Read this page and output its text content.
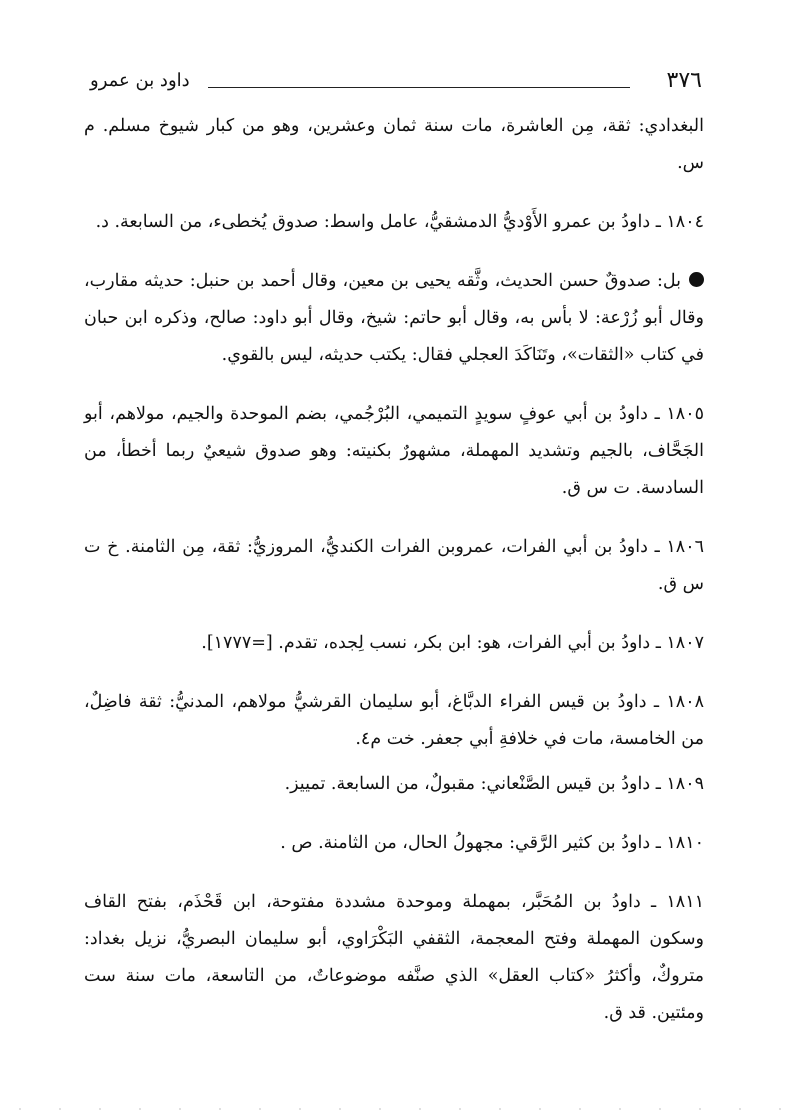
٣٧٦
داود بن عمرو

البغدادي: ثقة، مِن العاشرة، مات سنة ثمان وعشرين، وهو من كبار شيوخ مسلم. م س.

١٨٠٤ ـ داودُ بن عمرو الأَوْديُّ الدمشقيُّ، عامل واسط: صدوق يُخطىء، من السابعة. د.

بل: صدوقٌ حسن الحديث، وثَّقه يحيى بن معين، وقال أحمد بن حنبل: حديثه مقارب، وقال أبو زُرْعة: لا بأس به، وقال أبو حاتم: شيخ، وقال أبو داود: صالح، وذكره ابن حبان في كتاب «الثقات»، وتَنَاكَدَ العجلي فقال: يكتب حديثه، ليس بالقوي.

١٨٠٥ ـ داودُ بن أبي عوفٍ سويدٍ التميمي، البُرْجُمي، بضم الموحدة والجيم، مولاهم، أبو الجَحَّاف، بالجيم وتشديد المهملة، مشهورٌ بكنيته: وهو صدوق شيعيٌ ربما أخطأ، من السادسة. ت س ق.

١٨٠٦ ـ داودُ بن أبي الفرات، عمروبن الفرات الكنديُّ، المروزيُّ: ثقة، مِن الثامنة. خ ت س ق.

١٨٠٧ ـ داودُ بن أبي الفرات، هو: ابن بكر، نسب لِجده، تقدم. [=١٧٧٧].

١٨٠٨ ـ داودُ بن قيس الفراء الدبَّاغ، أبو سليمان القرشيُّ مولاهم، المدنيُّ: ثقة فاضِلٌ، من الخامسة، مات في خلافةِ أبي جعفر. خت م٤.

١٨٠٩ ـ داودُ بن قيس الصَّنْعاني: مقبولٌ، من السابعة. تمييز.

١٨١٠ ـ داودُ بن كثير الرَّقي: مجهولُ الحال، من الثامنة. ص .

١٨١١ ـ داودُ بن المُحَبَّر، بمهملة وموحدة مشددة مفتوحة، ابن قَحْذَم، بفتح القاف وسكون المهملة وفتح المعجمة، الثقفي البَكْرَاوي، أبو سليمان البصريُّ، نزيل بغداد: متروكٌ، وأكثرُ «كتاب العقل» الذي صنَّفه موضوعاتٌ، من التاسعة، مات سنة ست ومئتين. قد ق.
